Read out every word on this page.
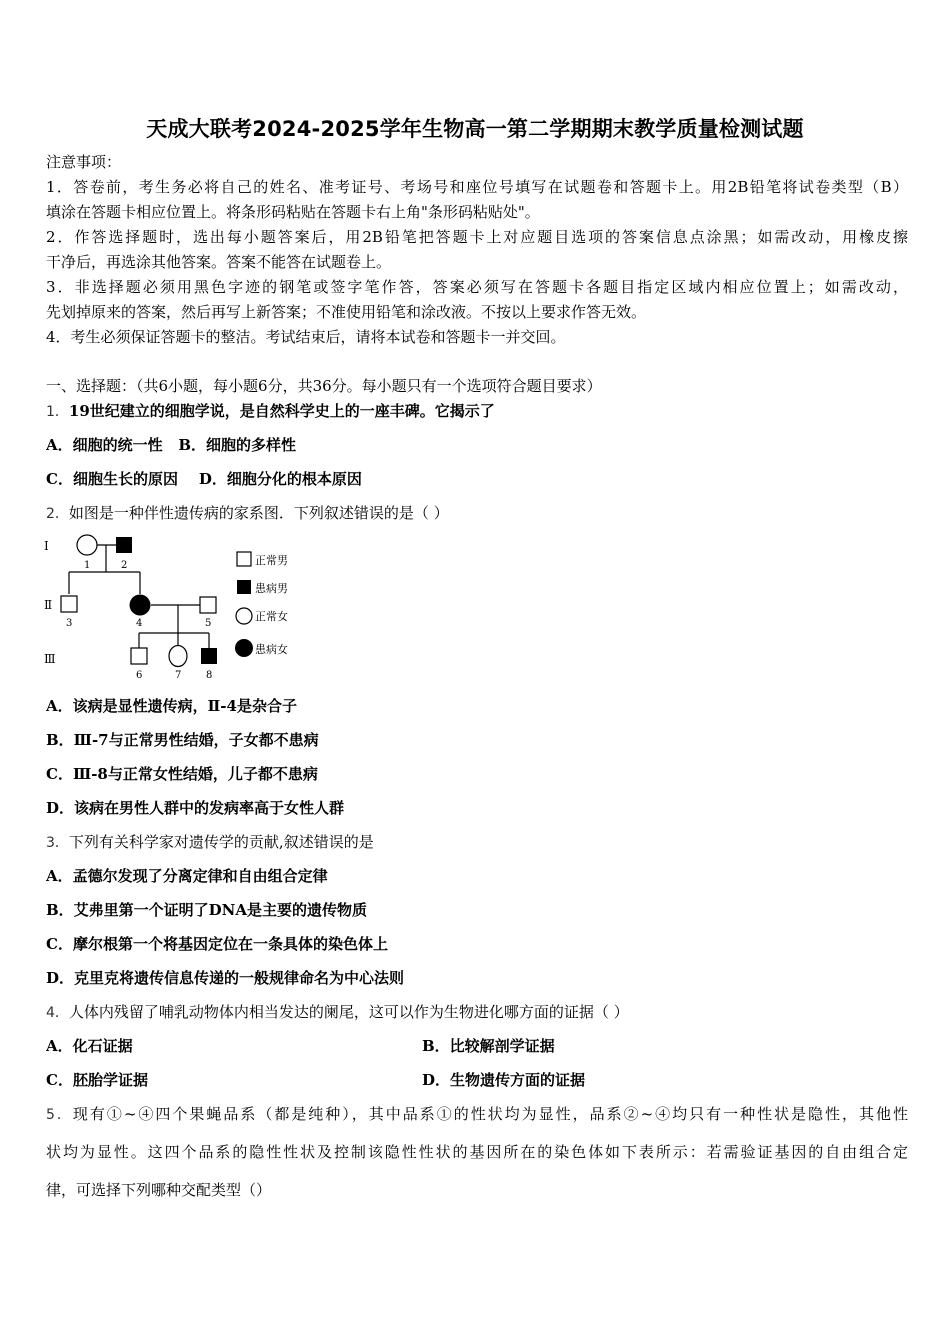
天成大联考2024-2025学年生物高一第二学期期末教学质量检测试题
注意事项：
1．答卷前，考生务必将自己的姓名、准考证号、考场号和座位号填写在试题卷和答题卡上。用2B铅笔将试卷类型（B）
填涂在答题卡相应位置上。将条形码粘贴在答题卡右上角"条形码粘贴处"。
2．作答选择题时，选出每小题答案后，用2B铅笔把答题卡上对应题目选项的答案信息点涂黑；如需改动，用橡皮擦
干净后，再选涂其他答案。答案不能答在试题卷上。
3．非选择题必须用黑色字迹的钢笔或签字笔作答，答案必须写在答题卡各题目指定区域内相应位置上；如需改动，
先划掉原来的答案，然后再写上新答案；不准使用铅笔和涂改液。不按以上要求作答无效。
4．考生必须保证答题卡的整洁。考试结束后，请将本试卷和答题卡一并交回。
一、选择题：（共6小题，每小题6分，共36分。每小题只有一个选项符合题目要求）
1．19世纪建立的细胞学说，是自然科学史上的一座丰碑。它揭示了
A．细胞的统一性 B．细胞的多样性
C．细胞生长的原因 D．细胞分化的根本原因
2．如图是一种伴性遗传病的家系图．下列叙述错误的是（ ）
Ⅰ
Ⅱ
Ⅲ
1	2
3	4	5
6	7 8
正常男
患病男
正常女
患病女
A．该病是显性遗传病，Ⅱ-4是杂合子
B．Ⅲ-7与正常男性结婚，子女都不患病
C．Ⅲ-8与正常女性结婚，儿子都不患病
D．该病在男性人群中的发病率高于女性人群
3．下列有关科学家对遗传学的贡献,叙述错误的是
A．孟德尔发现了分离定律和自由组合定律
B．艾弗里第一个证明了DNA是主要的遗传物质
C．摩尔根第一个将基因定位在一条具体的染色体上
D．克里克将遗传信息传递的一般规律命名为中心法则
4．人体内残留了哺乳动物体内相当发达的阑尾，这可以作为生物进化哪方面的证据（ ）
A．化石证据	B．比较解剖学证据
C．胚胎学证据	D．生物遗传方面的证据
5．现有①~④四个果蝇品系（都是纯种），其中品系①的性状均为显性，品系②~④均只有一种性状是隐性，其他性
状均为显性。这四个品系的隐性性状及控制该隐性性状的基因所在的染色体如下表所示：若需验证基因的自由组合定
律，可选择下列哪种交配类型（）
